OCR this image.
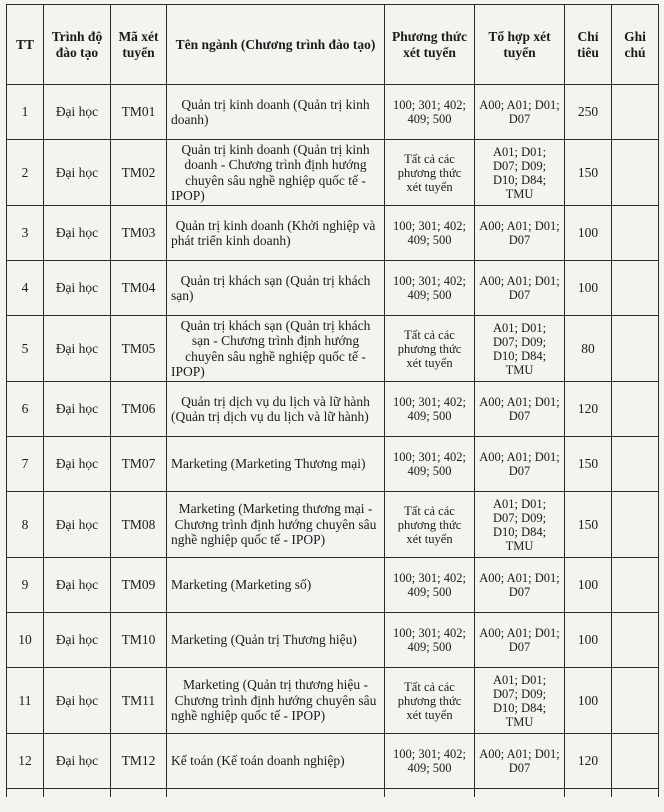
TT	Trình độ đào tạo	Mã xét tuyển	Tên ngành (Chương trình đào tạo)	Phương thức xét tuyển	Tổ hợp xét tuyển	Chỉ tiêu	Ghi chú
1	Đại học	TM01	Quản trị kinh doanh (Quản trị kinh doanh)	100; 301; 402; 409; 500	A00; A01; D01; D07	250	
2	Đại học	TM02	Quản trị kinh doanh (Quản trị kinh doanh - Chương trình định hướng chuyên sâu nghề nghiệp quốc tế - IPOP)	Tất cả các phương thức xét tuyển	A01; D01; D07; D09; D10; D84; TMU	150	
3	Đại học	TM03	Quản trị kinh doanh (Khởi nghiệp và phát triển kinh doanh)	100; 301; 402; 409; 500	A00; A01; D01; D07	100	
4	Đại học	TM04	Quản trị khách sạn (Quản trị khách sạn)	100; 301; 402; 409; 500	A00; A01; D01; D07	100	
5	Đại học	TM05	Quản trị khách sạn (Quản trị khách sạn - Chương trình định hướng chuyên sâu nghề nghiệp quốc tế - IPOP)	Tất cả các phương thức xét tuyển	A01; D01; D07; D09; D10; D84; TMU	80	
6	Đại học	TM06	Quản trị dịch vụ du lịch và lữ hành (Quản trị dịch vụ du lịch và lữ hành)	100; 301; 402; 409; 500	A00; A01; D01; D07	120	
7	Đại học	TM07	Marketing (Marketing Thương mại)	100; 301; 402; 409; 500	A00; A01; D01; D07	150	
8	Đại học	TM08	Marketing (Marketing thương mại - Chương trình định hướng chuyên sâu nghề nghiệp quốc tế - IPOP)	Tất cả các phương thức xét tuyển	A01; D01; D07; D09; D10; D84; TMU	150	
9	Đại học	TM09	Marketing (Marketing số)	100; 301; 402; 409; 500	A00; A01; D01; D07	100	
10	Đại học	TM10	Marketing (Quản trị Thương hiệu)	100; 301; 402; 409; 500	A00; A01; D01; D07	100	
11	Đại học	TM11	Marketing (Quản trị thương hiệu - Chương trình định hướng chuyên sâu nghề nghiệp quốc tế - IPOP)	Tất cả các phương thức xét tuyển	A01; D01; D07; D09; D10; D84; TMU	100	
12	Đại học	TM12	Kế toán (Kế toán doanh nghiệp)	100; 301; 402; 409; 500	A00; A01; D01; D07	120	
